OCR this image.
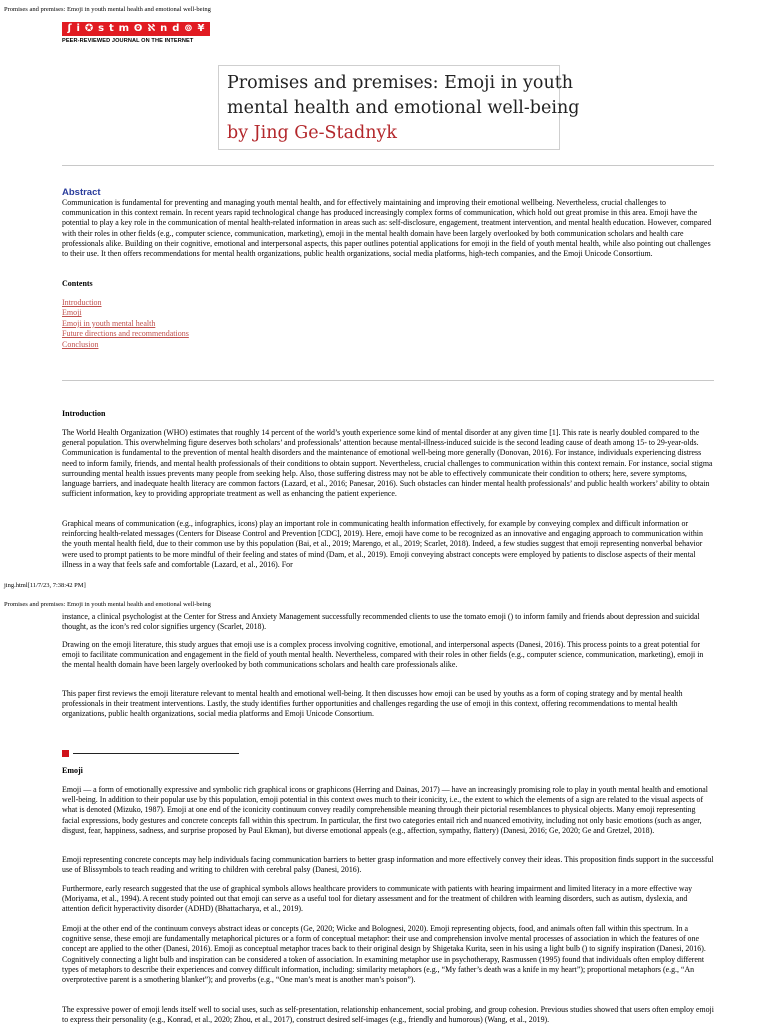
Promises and premises: Emoji in youth mental health and emotional well-being
ʃ i ✪ s t m ʘ ℵ n d ⊚ ¥
PEER-REVIEWED JOURNAL ON THE INTERNET
Promises and premises: Emoji in youth
mental health and emotional well-being
by Jing Ge-Stadnyk
Abstract

Communication is fundamental for preventing and managing youth mental health, and for effectively maintaining and improving their emotional wellbeing. Nevertheless, crucial challenges to communication in this context remain. In recent years rapid technological change has produced increasingly complex forms of communication, which hold out great promise in this area. Emoji have the potential to play a key role in the communication of mental health-related information in areas such as: self-disclosure, engagement, treatment intervention, and mental health education. However, compared with their roles in other fields (e.g., computer science, communication, marketing), emoji in the mental health domain have been largely overlooked by both communication scholars and health care professionals alike. Building on their cognitive, emotional and interpersonal aspects, this paper outlines potential applications for emoji in the field of youth mental health, while also pointing out challenges to their use. It then offers recommendations for mental health organizations, public health organizations, social media platforms, high-tech companies, and the Emoji Unicode Consortium.

Contents
Introduction
Emoji
Emoji in youth mental health
Future directions and recommendations
Conclusion
Introduction

The World Health Organization (WHO) estimates that roughly 14 percent of the world’s youth experience some kind of mental disorder at any given time [1]. This rate is nearly doubled compared to the general population. This overwhelming figure deserves both scholars’ and professionals’ attention because mental-illness-induced suicide is the second leading cause of death among 15- to 29-year-olds. Communication is fundamental to the prevention of mental health disorders and the maintenance of emotional well-being more generally (Donovan, 2016). For instance, individuals experiencing distress need to inform family, friends, and mental health professionals of their conditions to obtain support. Nevertheless, crucial challenges to communication within this context remain. For instance, social stigma surrounding mental health issues prevents many people from seeking help. Also, those suffering distress may not be able to effectively communicate their condition to others; here, severe symptoms, language barriers, and inadequate health literacy are common factors (Lazard, et al., 2016; Panesar, 2016). Such obstacles can hinder mental health professionals’ and public health workers’ ability to obtain sufficient information, key to providing appropriate treatment as well as enhancing the patient experience.

Graphical means of communication (e.g., infographics, icons) play an important role in communicating health information effectively, for example by conveying complex and difficult information or reinforcing health-related messages (Centers for Disease Control and Prevention [CDC], 2019). Here, emoji have come to be recognized as an innovative and engaging approach to communication within the youth mental health field, due to their common use by this population (Bai, et al., 2019; Marengo, et al., 2019; Scarlet, 2018). Indeed, a few studies suggest that emoji representing nonverbal behavior were used to prompt patients to be more mindful of their feeling and states of mind (Dam, et al., 2019). Emoji conveying abstract concepts were employed by patients to disclose aspects of their mental illness in a way that feels safe and comfortable (Lazard, et al., 2016). For

jing.html[11/7/23, 7:38:42 PM]
Promises and premises: Emoji in youth mental health and emotional well-being

instance, a clinical psychologist at the Center for Stress and Anxiety Management successfully recommended clients to use the tomato emoji () to inform family and friends about depression and suicidal thought, as the icon’s red color signifies urgency (Scarlet, 2018).

Drawing on the emoji literature, this study argues that emoji use is a complex process involving cognitive, emotional, and interpersonal aspects (Danesi, 2016). This process points to a great potential for emoji to facilitate communication and engagement in the field of youth mental health. Nevertheless, compared with their roles in other fields (e.g., computer science, communication, marketing), emoji in the mental health domain have been largely overlooked by both communications scholars and health care professionals alike.

This paper first reviews the emoji literature relevant to mental health and emotional well-being. It then discusses how emoji can be used by youths as a form of coping strategy and by mental health professionals in their treatment interventions. Lastly, the study identifies further opportunities and challenges regarding the use of emoji in this context, offering recommendations to mental health organizations, public health organizations, social media platforms and Emoji Unicode Consortium.

Emoji

Emoji — a form of emotionally expressive and symbolic rich graphical icons or graphicons (Herring and Dainas, 2017) — have an increasingly promising role to play in youth mental health and emotional well-being. In addition to their popular use by this population, emoji potential in this context owes much to their iconicity, i.e., the extent to which the elements of a sign are related to the visual aspects of what is denoted (Mizuko, 1987). Emoji at one end of the iconicity continuum convey readily comprehensible meaning through their pictorial resemblances to physical objects. Many emoji representing facial expressions, body gestures and concrete concepts fall within this spectrum. In particular, the first two categories entail rich and nuanced emotivity, including not only basic emotions (such as anger, disgust, fear, happiness, sadness, and surprise proposed by Paul Ekman), but diverse emotional appeals (e.g., affection, sympathy, flattery) (Danesi, 2016; Ge, 2020; Ge and Gretzel, 2018).

Emoji representing concrete concepts may help individuals facing communication barriers to better grasp information and more effectively convey their ideas. This proposition finds support in the successful use of Blissymbols to teach reading and writing to children with cerebral palsy (Danesi, 2016).

Furthermore, early research suggested that the use of graphical symbols allows healthcare providers to communicate with patients with hearing impairment and limited literacy in a more effective way (Moriyama, et al., 1994). A recent study pointed out that emoji can serve as a useful tool for dietary assessment and for the treatment of children with learning disorders, such as autism, dyslexia, and attention deficit hyperactivity disorder (ADHD) (Bhattacharya, et al., 2019).

Emoji at the other end of the continuum conveys abstract ideas or concepts (Ge, 2020; Wicke and Bolognesi, 2020). Emoji representing objects, food, and animals often fall within this spectrum. In a cognitive sense, these emoji are fundamentally metaphorical pictures or a form of conceptual metaphor: their use and comprehension involve mental processes of association in which the features of one concept are applied to the other (Danesi, 2016). Emoji as conceptual metaphor traces back to their original design by Shigetaka Kurita, seen in his using a light bulb () to signify inspiration (Danesi, 2016). Cognitively connecting a light bulb and inspiration can be considered a token of association. In examining metaphor use in psychotherapy, Rasmussen (1995) found that individuals often employ different types of metaphors to describe their experiences and convey difficult information, including: similarity metaphors (e.g., “My father’s death was a knife in my heart”); proportional metaphors (e.g., “An overprotective parent is a smothering blanket”); and proverbs (e.g., “One man’s meat is another man’s poison”).

The expressive power of emoji lends itself well to social uses, such as self-presentation, relationship enhancement, social probing, and group cohesion. Previous studies showed that users often employ emoji to express their personality (e.g., Konrad, et al., 2020; Zhou, et al., 2017), construct desired self-images (e.g., friendly and humorous) (Wang, et al., 2019).
